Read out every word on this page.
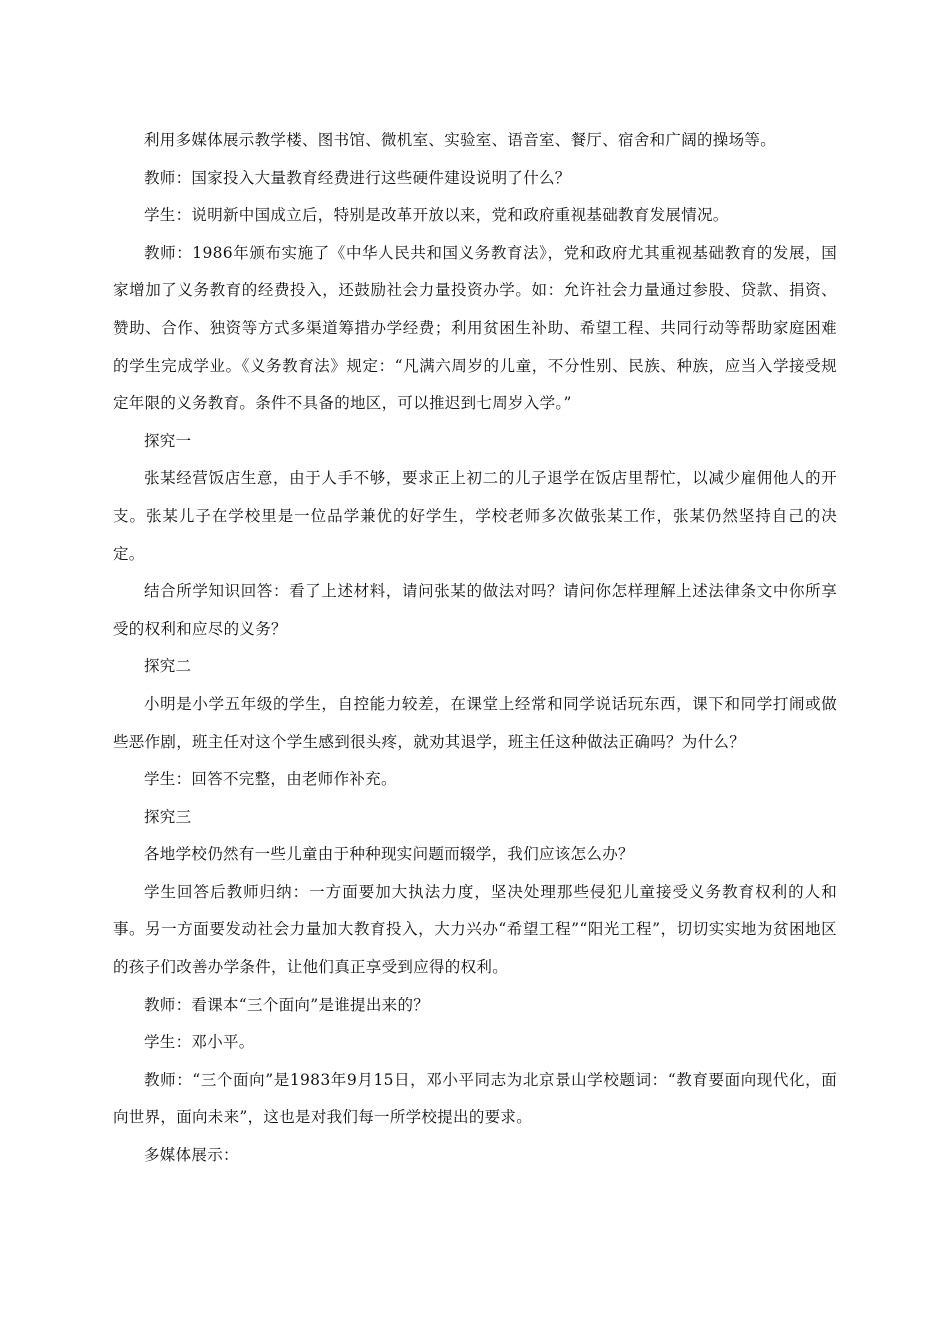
利用多媒体展示教学楼、图书馆、微机室、实验室、语音室、餐厅、宿舍和广阔的操场等。

教师：国家投入大量教育经费进行这些硬件建设说明了什么？

学生：说明新中国成立后，特别是改革开放以来，党和政府重视基础教育发展情况。

教师：1986年颁布实施了《中华人民共和国义务教育法》，党和政府尤其重视基础教育的发展，国家增加了义务教育的经费投入，还鼓励社会力量投资办学。如：允许社会力量通过参股、贷款、捐资、赞助、合作、独资等方式多渠道筹措办学经费；利用贫困生补助、希望工程、共同行动等帮助家庭困难的学生完成学业。《义务教育法》规定：“凡满六周岁的儿童，不分性别、民族、种族，应当入学接受规定年限的义务教育。条件不具备的地区，可以推迟到七周岁入学。”

探究一

张某经营饭店生意，由于人手不够，要求正上初二的儿子退学在饭店里帮忙，以减少雇佣他人的开支。张某儿子在学校里是一位品学兼优的好学生，学校老师多次做张某工作，张某仍然坚持自己的决定。

结合所学知识回答：看了上述材料，请问张某的做法对吗？请问你怎样理解上述法律条文中你所享受的权利和应尽的义务？

探究二

小明是小学五年级的学生，自控能力较差，在课堂上经常和同学说话玩东西，课下和同学打闹或做些恶作剧，班主任对这个学生感到很头疼，就劝其退学，班主任这种做法正确吗？为什么？

学生：回答不完整，由老师作补充。

探究三

各地学校仍然有一些儿童由于种种现实问题而辍学，我们应该怎么办？

学生回答后教师归纳：一方面要加大执法力度，坚决处理那些侵犯儿童接受义务教育权利的人和事。另一方面要发动社会力量加大教育投入，大力兴办“希望工程”“阳光工程”，切切实实地为贫困地区的孩子们改善办学条件，让他们真正享受到应得的权利。

教师：看课本“三个面向”是谁提出来的？

学生：邓小平。

教师：“三个面向”是1983年9月15日，邓小平同志为北京景山学校题词：“教育要面向现代化，面向世界，面向未来”，这也是对我们每一所学校提出的要求。

多媒体展示：
